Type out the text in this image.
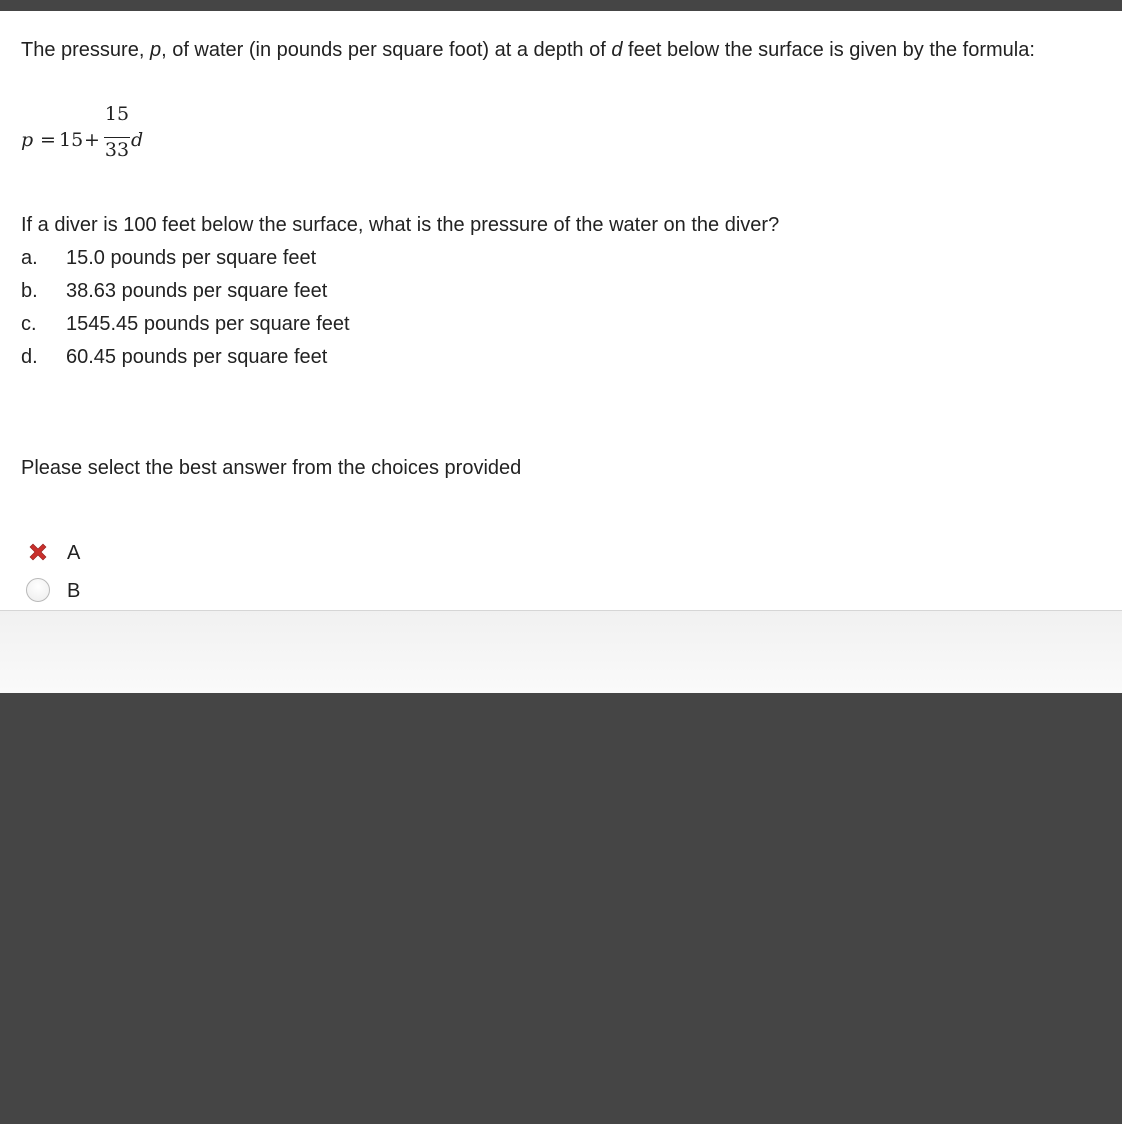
The pressure, p, of water (in pounds per square foot) at a depth of d feet below the surface is given by the formula:
p = 15 +
15
33 d
If a diver is 100 feet below the surface, what is the pressure of the water on the diver?
a.	15.0 pounds per square feet
b.	38.63 pounds per square feet
c.	1545.45 pounds per square feet
d.	60.45 pounds per square feet
Please select the best answer from the choices provided
A
B
